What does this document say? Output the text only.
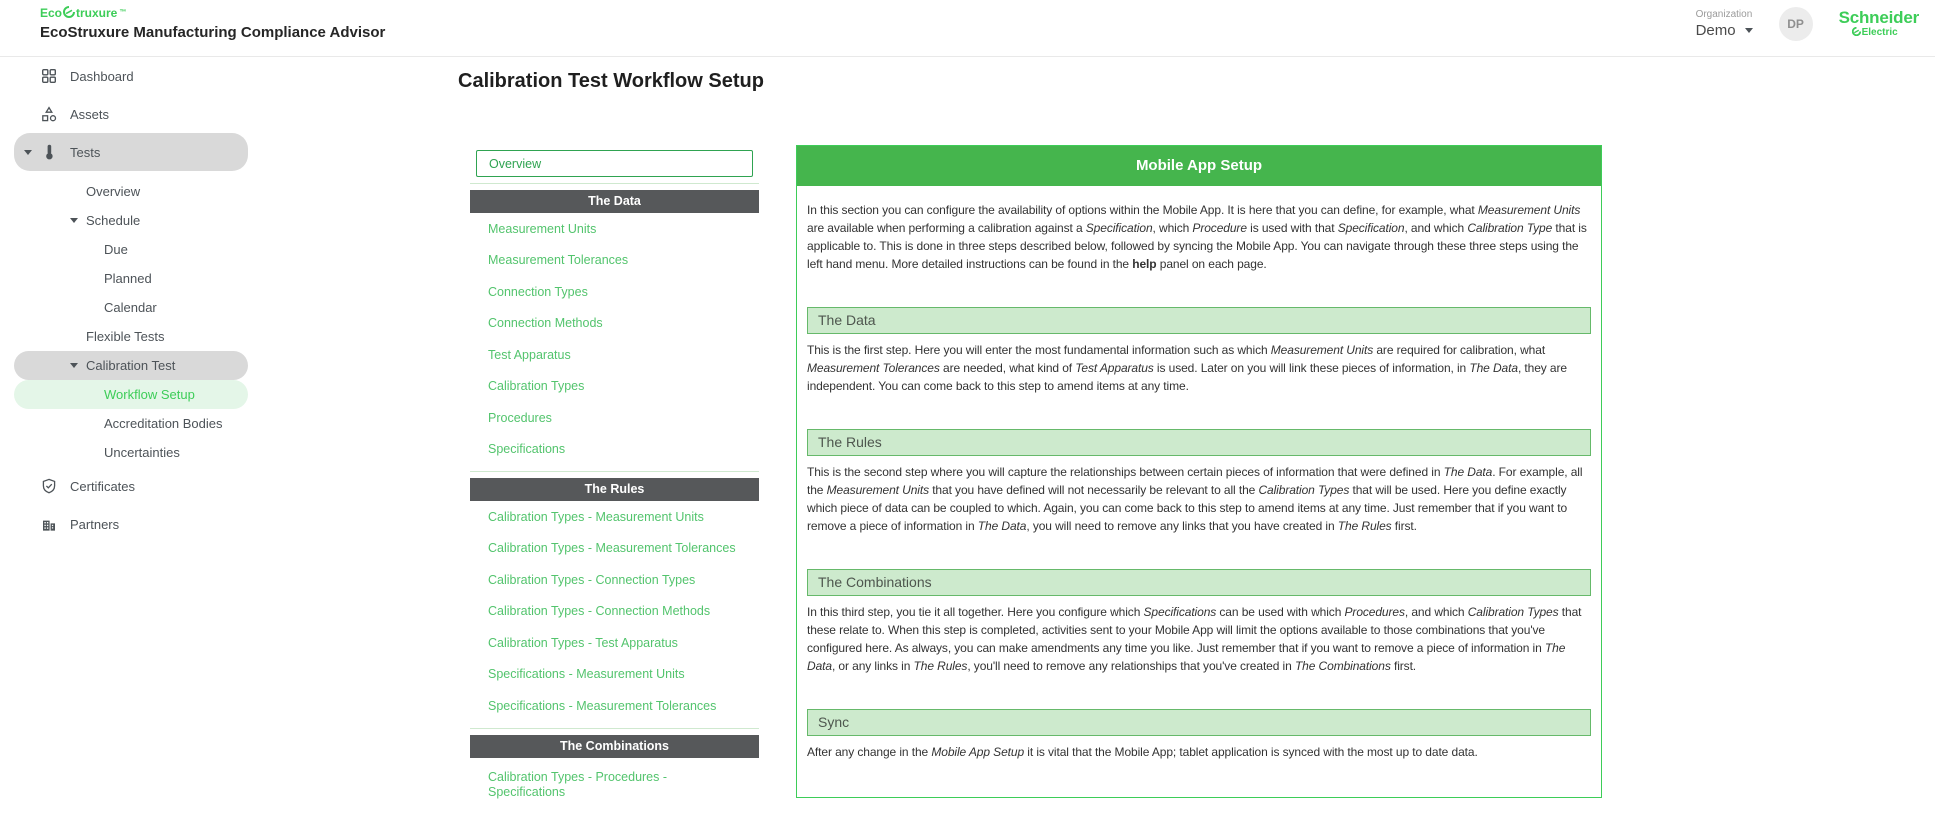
Eco truxure ™
EcoStruxure Manufacturing Compliance Advisor
Organization
Demo	DP	Schneider
Electric
Dashboard
Assets
Tests
Overview
Schedule
Due
Planned
Calendar
Flexible Tests
Calibration Test
Workflow Setup
Accreditation Bodies
Uncertainties
Certificates
Partners
Calibration Test Workflow Setup
Overview
The Data
Measurement Units
Measurement Tolerances
Connection Types
Connection Methods
Test Apparatus
Calibration Types
Procedures
Specifications
The Rules
Calibration Types - Measurement Units
Calibration Types - Measurement Tolerances
Calibration Types - Connection Types
Calibration Types - Connection Methods
Calibration Types - Test Apparatus
Specifications - Measurement Units
Specifications - Measurement Tolerances
The Combinations
Calibration Types - Procedures - Specifications
Mobile App Setup

In this section you can configure the availability of options within the Mobile App. It is here that you can define, for example, what Measurement Units are available when performing a calibration against a Specification, which Procedure is used with that Specification, and which Calibration Type that is applicable to. This is done in three steps described below, followed by syncing the Mobile App. You can navigate through these three steps using the left hand menu. More detailed instructions can be found in the help panel on each page.

The Data

This is the first step. Here you will enter the most fundamental information such as which Measurement Units are required for calibration, what Measurement Tolerances are needed, what kind of Test Apparatus is used. Later on you will link these pieces of information, in The Data, they are independent. You can come back to this step to amend items at any time.

The Rules

This is the second step where you will capture the relationships between certain pieces of information that were defined in The Data. For example, all the Measurement Units that you have defined will not necessarily be relevant to all the Calibration Types that will be used. Here you define exactly which piece of data can be coupled to which. Again, you can come back to this step to amend items at any time. Just remember that if you want to remove a piece of information in The Data, you will need to remove any links that you have created in The Rules first.

The Combinations

In this third step, you tie it all together. Here you configure which Specifications can be used with which Procedures, and which Calibration Types that these relate to. When this step is completed, activities sent to your Mobile App will limit the options available to those combinations that you've configured here. As always, you can make amendments any time you like. Just remember that if you want to remove a piece of information in The Data, or any links in The Rules, you'll need to remove any relationships that you've created in The Combinations first.

Sync

After any change in the Mobile App Setup it is vital that the Mobile App; tablet application is synced with the most up to date data.
